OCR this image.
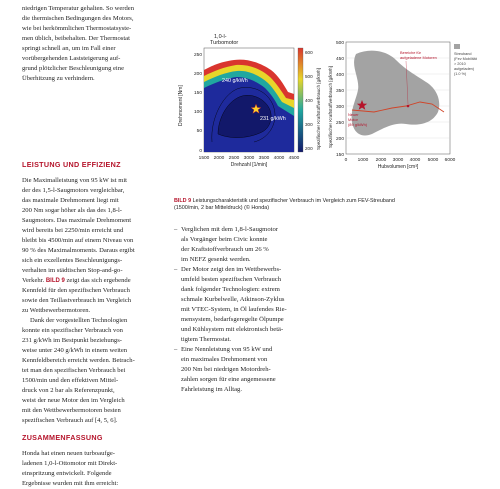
niedrigen Temperatur gehalten. So werden
die thermischen Bedingungen des Motors,
wie bei herkömmlichen Thermostatsyste-
men üblich, beibehalten. Der Thermostat
springt schnell an, um im Fall einer
vorübergehenden Laststeigerung auf-
grund plötzlicher Beschleunigung eine
Überhitzung zu verhindern.
LEISTUNG UND EFFIZIENZ
Die Maximalleistung von 95 kW ist mit
der des 1,5-l-Saugmotors vergleichbar,
das maximale Drehmoment liegt mit
200 Nm sogar höher als das des 1,8-l-
Saugmotors. Das maximale Drehmoment
wird bereits bei 2250/min erreicht und
bleibt bis 4500/min auf einem Niveau von
90 % des Maximalmoments. Daraus ergibt
sich ein exzellentes Beschleunigungs-
verhalten im städtischen Stop-and-go-
Verkehr. BILD 9 zeigt das sich ergebende
Kennfeld für den spezifischen Verbrauch
sowie den Teillastverbrauch im Vergleich
zu Wettbewerbermotoren.
Dank der vorgestellten Technologien
konnte ein spezifischer Verbrauch von
231 g/kWh im Bestpunkt beziehungs-
weise unter 240 g/kWh in einem weiten
Kennfeldbereich erreicht werden. Betrach-
tet man den spezifischen Verbrauch bei
1500/min und den effektiven Mittel-
druck von 2 bar als Referenzpunkt,
weist der neue Motor den im Vergleich
mit den Wettbewerbermotoren besten
spezifischen Verbrauch auf [4, 5, 6].
ZUSAMMENFASSUNG
Honda hat einen neuen turboaufge-
ladenen 1,0-l-Ottomotor mit Direkt-
einspritzung entwickelt. Folgende
Ergebnisse wurden mit ihm erreicht:
1,0-l-
Turbomotor
240 g/kWh
231 g/kWh
250
200
150
100
50
0
Drehmoment [Nm]
1500 2000 2500 3000 3500 4000 4500
Drehzahl [1/min]
600
500
400
300
200 Spezifischer Kraftstoffverbrauch [g/kWh]
Bereiche für
aufgeladene Motoren
Neuer
Motor
(89 g/kWh)
500
450
400
350
300
250
200
150
Spezifischer Kraftstoffverbrauch [g/kWh]
0 1000 2000 3000 4000 5000 6000
Hubvolumen [cm³]
Streuband
(Fev Mobilität
> 2010
aufgeladen)
(1.0 %)
BILD 9 Leistungscharakteristik und spezifischer Verbrauch im Vergleich zum FEV-Streuband
(1500/min, 2 bar Mitteldruck) (© Honda)
– Verglichen mit dem 1,8-l-Saugmotor
als Vorgänger beim Civic konnte
der Kraftstoffverbrauch um 26 %
im NEFZ gesenkt werden.
– Der Motor zeigt den im Wettbewerbs-
umfeld besten spezifischen Verbrauch
dank folgender Technologien: extrem
schmale Kurbelwelle, Atkinson-Zyklus
mit VTEC-System, in Öl laufendes Rie-
mensystem, bedarfsgeregelte Ölpumpe
und Kühlsystem mit elektronisch betä-
tigtem Thermostat.
– Eine Nennleistung von 95 kW und
ein maximales Drehmoment von
200 Nm bei niedrigen Motordreh-
zahlen sorgen für eine angemessene
Fahrleistung im Alltag.
